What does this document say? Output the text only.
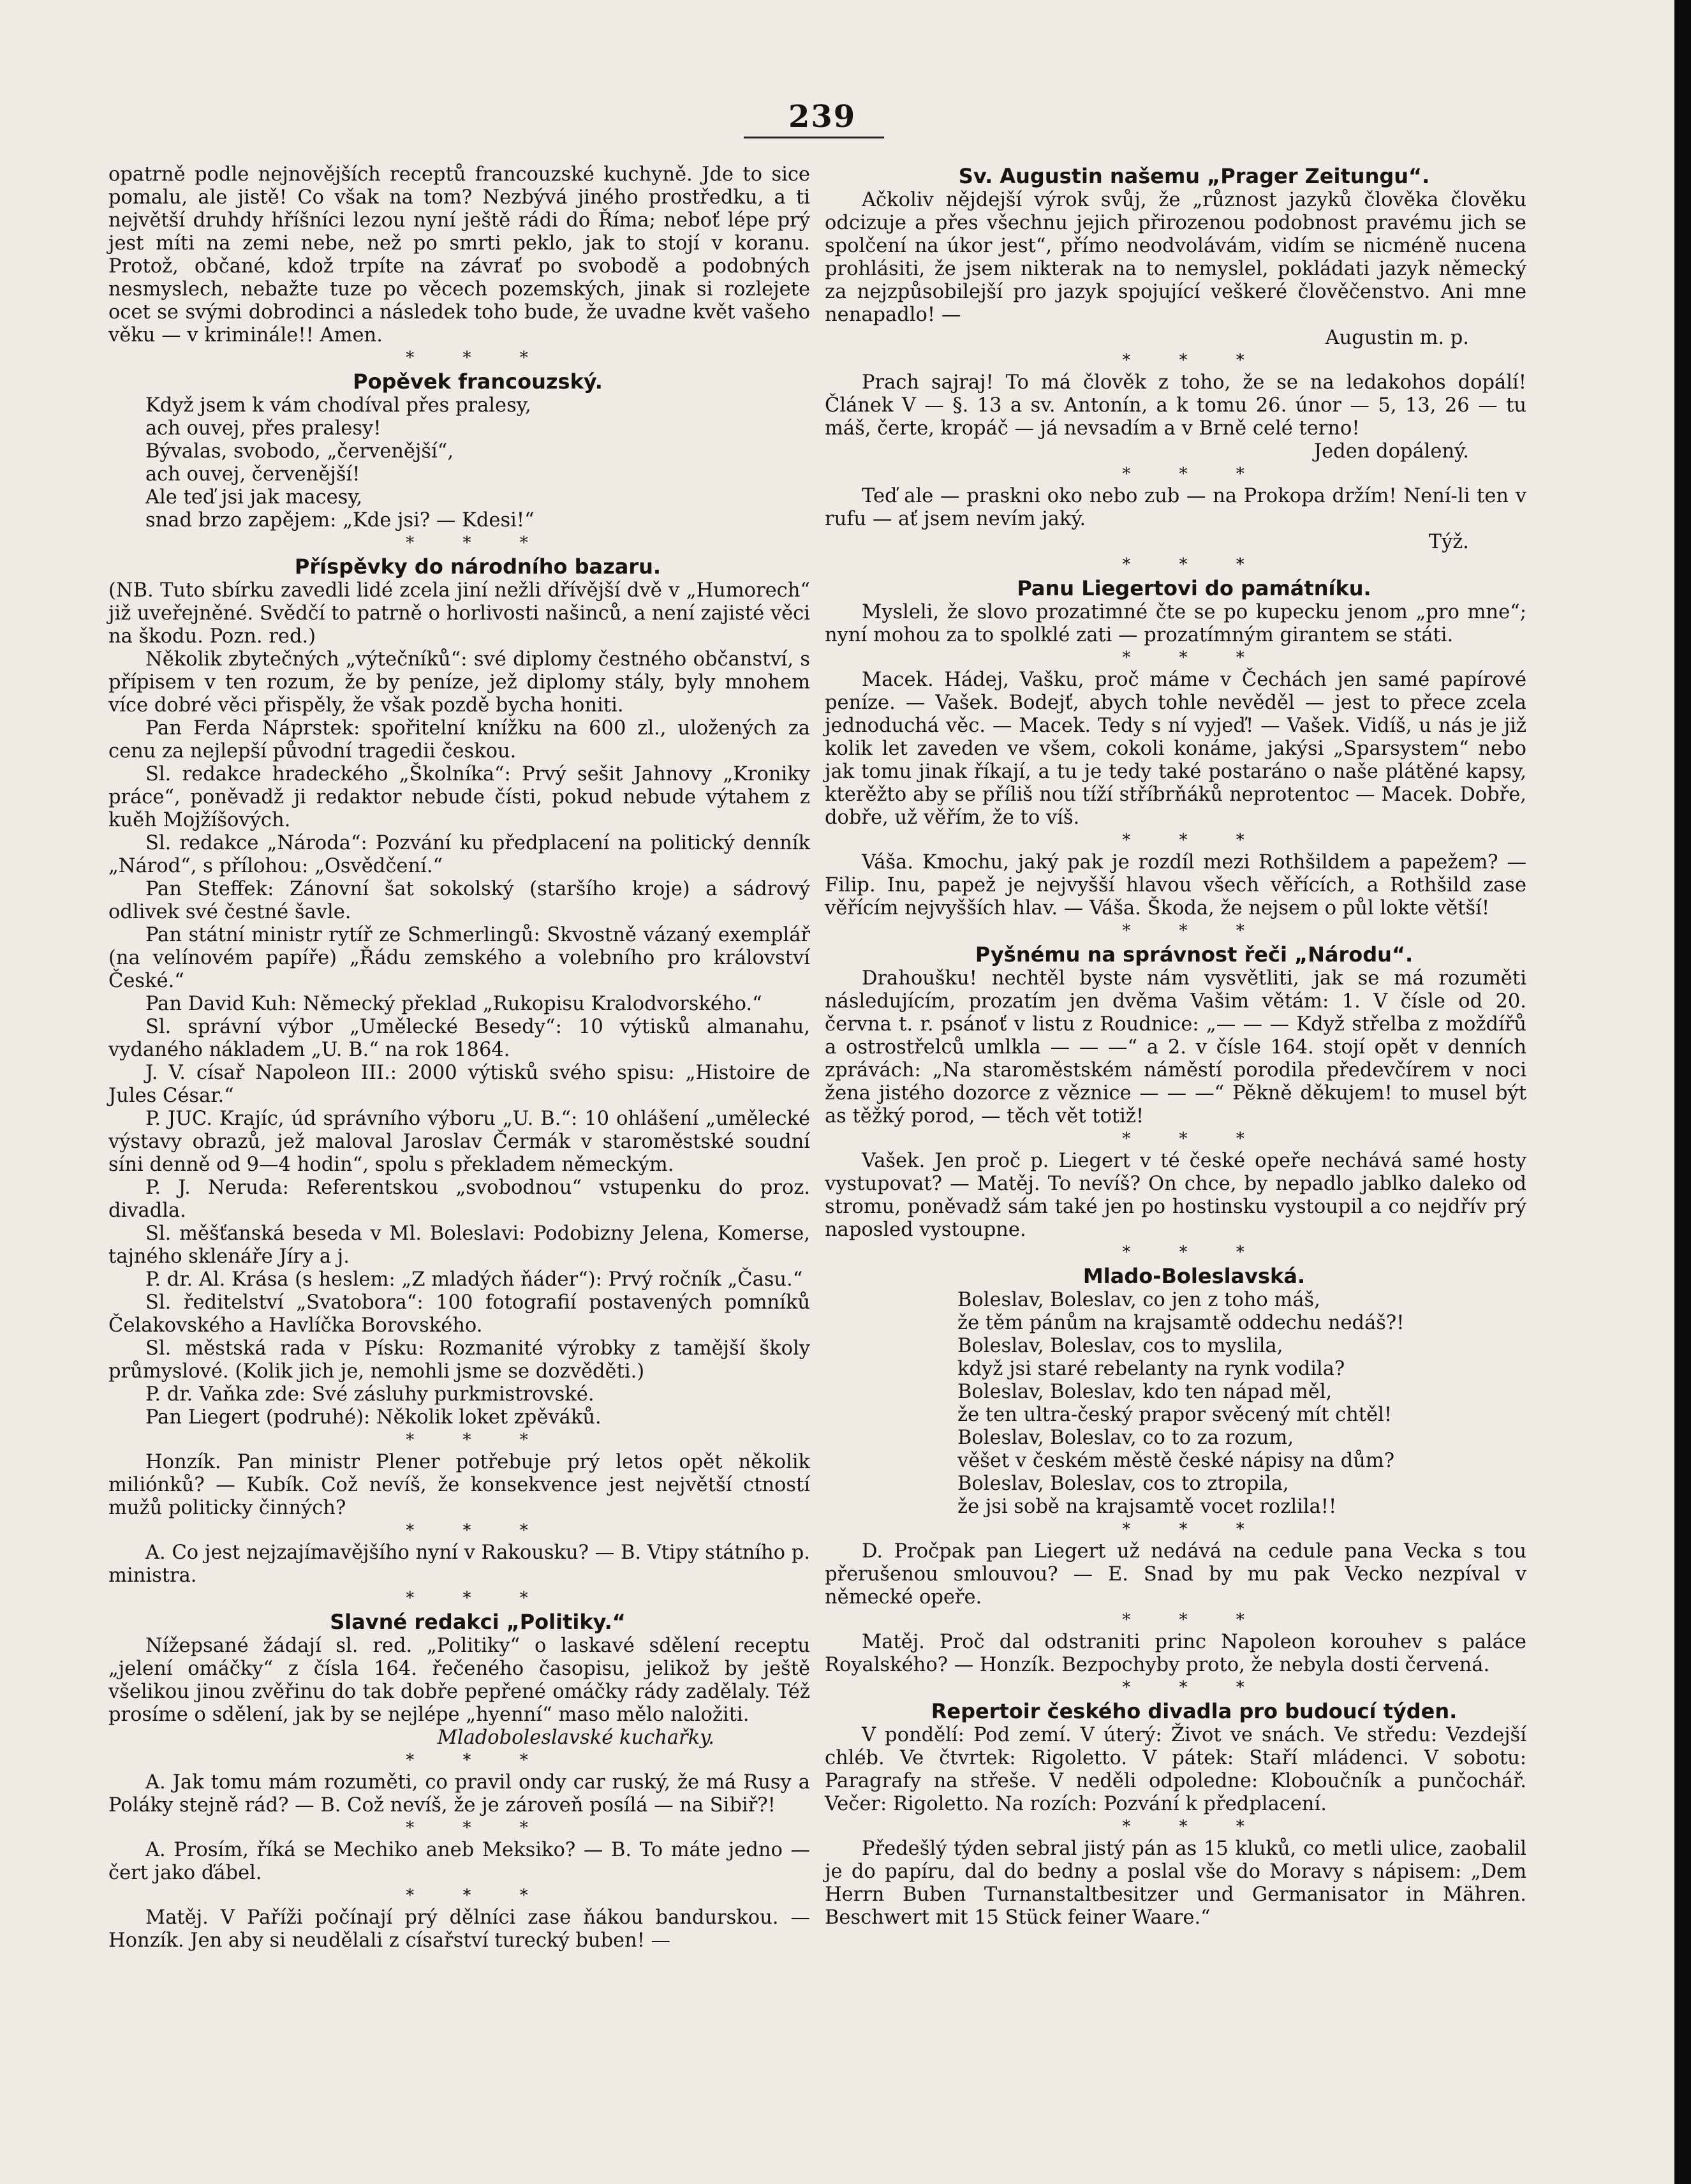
239

opatrně podle nejnovějších receptů francouzské kuchyně. Jde to sice pomalu, ale jistě! Co však na tom? Nezbývá jiného prostředku, a ti největší druhdy hříšníci lezou nyní ještě rádi do Říma; neboť lépe prý jest míti na zemi nebe, než po smrti peklo, jak to stojí v koranu. Protož, občané, kdož trpíte na závrať po svobodě a podobných nesmyslech, nebažte tuze po věcech pozemských, jinak si rozlejete ocet se svými dobrodinci a následek toho bude, že uvadne květ vašeho věku — v kriminále!! Amen.

* * *

Popěvek francouzský.

Když jsem k vám chodíval přes pralesy,

ach ouvej, přes pralesy!

Bývalas, svobodo, „červenější“,

ach ouvej, červenější!

Ale teď jsi jak macesy,

snad brzo zapějem: „Kde jsi? — Kdesi!“

* * *

Příspěvky do národního bazaru.

(NB. Tuto sbírku zavedli lidé zcela jiní nežli dřívější dvě v „Humorech“ již uveřejněné. Svědčí to patrně o horlivosti našinců, a není zajisté věci na škodu. Pozn. red.)

Několik zbytečných „výtečníků“: své diplomy čestného občanství, s přípisem v ten rozum, že by peníze, jež diplomy stály, byly mnohem více dobré věci přispěly, že však pozdě bycha honiti.

Pan Ferda Náprstek: spořitelní knížku na 600 zl., uložených za cenu za nejlepší původní tragedii českou.

Sl. redakce hradeckého „Školníka“: Prvý sešit Jahnovy „Kroniky práce“, poněvadž ji redaktor nebude čísti, pokud nebude výtahem z kuěh Mojžíšových.

Sl. redakce „Národa“: Pozvání ku předplacení na politický denník „Národ“, s přílohou: „Osvědčení.“

Pan Steffek: Zánovní šat sokolský (staršího kroje) a sádrový odlivek své čestné šavle.

Pan státní ministr rytíř ze Schmerlingů: Skvostně vázaný exemplář (na velínovém papíře) „Řádu zemského a volebního pro království České.“

Pan David Kuh: Německý překlad „Rukopisu Kralodvorského.“

Sl. správní výbor „Umělecké Besedy“: 10 výtisků almanahu, vydaného nákladem „U. B.“ na rok 1864.

J. V. císař Napoleon III.: 2000 výtisků svého spisu: „Histoire de Jules César.“

P. JUC. Krajíc, úd správního výboru „U. B.“: 10 ohlášení „umělecké výstavy obrazů, jež maloval Jaroslav Čermák v staroměstské soudní síni denně od 9—4 hodin“, spolu s překladem německým.

P. J. Neruda: Referentskou „svobodnou“ vstupenku do proz. divadla.

Sl. měšťanská beseda v Ml. Boleslavi: Podobizny Jelena, Komerse, tajného sklenáře Jíry a j.

P. dr. Al. Krása (s heslem: „Z mladých ňáder“): Prvý ročník „Času.“

Sl. ředitelství „Svatobora“: 100 fotografií postavených pomníků Čelakovského a Havlíčka Borovského.

Sl. městská rada v Písku: Rozmanité výrobky z tamější školy průmyslové. (Kolik jich je, nemohli jsme se dozvěděti.)

P. dr. Vaňka zde: Své zásluhy purkmistrovské.

Pan Liegert (podruhé): Několik loket zpěváků.

* * *

Honzík. Pan ministr Plener potřebuje prý letos opět několik miliónků? — Kubík. Což nevíš, že konsekvence jest největší ctností mužů politicky činných?

* * *

A. Co jest nejzajímavějšího nyní v Rakousku? — B. Vtipy státního p. ministra.

* * *

Slavné redakci „Politiky.“

Nížepsané žádají sl. red. „Politiky“ o laskavé sdělení receptu „jelení omáčky“ z čísla 164. řečeného časopisu, jelikož by ještě všelikou jinou zvěřinu do tak dobře pepřené omáčky rády zadělaly. Též prosíme o sdělení, jak by se nejlépe „hyenní“ maso mělo naložiti.

Mladoboleslavské kuchařky.

* * *

A. Jak tomu mám rozuměti, co pravil ondy car ruský, že má Rusy a Poláky stejně rád? — B. Což nevíš, že je zároveň posílá — na Sibiř?!

* * *

A. Prosím, říká se Mechiko aneb Meksiko? — B. To máte jedno — čert jako ďábel.

* * *

Matěj. V Paříži počínají prý dělníci zase ňákou bandurskou. — Honzík. Jen aby si neudělali z císařství turecký buben! —

Sv. Augustin našemu „Prager Zeitungu“.

Ačkoliv nějdejší výrok svůj, že „různost jazyků člověka člověku odcizuje a přes všechnu jejich přirozenou podobnost pravému jich se spolčení na úkor jest“, přímo neodvolávám, vidím se nicméně nucena prohlásiti, že jsem nikterak na to nemyslel, pokládati jazyk německý za nejzpůsobilejší pro jazyk spojující veškeré člověčenstvo. Ani mne nenapadlo! —

Augustin m. p.

* * *

Prach sajraj! To má člověk z toho, že se na ledakohos dopálí! Článek V — §. 13 a sv. Antonín, a k tomu 26. únor — 5, 13, 26 — tu máš, čerte, kropáč — já nevsadím a v Brně celé terno!

Jeden dopálený.

* * *

Teď ale — praskni oko nebo zub — na Prokopa držím! Není-li ten v rufu — ať jsem nevím jaký.

Týž.

* * *

Panu Liegertovi do památníku.

Mysleli, že slovo prozatimné čte se po kupecku jenom „pro mne“; nyní mohou za to spolklé zati — prozatímným girantem se státi.

* * *

Macek. Hádej, Vašku, proč máme v Čechách jen samé papírové peníze. — Vašek. Bodejť, abych tohle nevěděl — jest to přece zcela jednoduchá věc. — Macek. Tedy s ní vyjeď! — Vašek. Vidíš, u nás je již kolik let zaveden ve všem, cokoli konáme, jakýsi „Sparsystem“ nebo jak tomu jinak říkají, a tu je tedy také postaráno o naše plátěné kapsy, kterěžto aby se příliš nou tíží stříbrňáků neprotentoc — Macek. Dobře, dobře, už věřím, že to víš.

* * *

Váša. Kmochu, jaký pak je rozdíl mezi Rothšildem a papežem? — Filip. Inu, papež je nejvyšší hlavou všech věřících, a Rothšild zase věřícím nejvyšších hlav. — Váša. Škoda, že nejsem o půl lokte větší!

* * *

Pyšnému na správnost řeči „Národu“.

Drahoušku! nechtěl byste nám vysvětliti, jak se má rozuměti následujícím, prozatím jen dvěma Vašim větám: 1. V čísle od 20. června t. r. psánoť v listu z Roudnice: „— — — Když střelba z moždířů a ostrostřelců umlkla — — —“ a 2. v čísle 164. stojí opět v denních zprávách: „Na staroměstském náměstí porodila předevčírem v noci žena jistého dozorce z věznice — — —“ Pěkně děkujem! to musel být as těžký porod, — těch vět totiž!

* * *

Vašek. Jen proč p. Liegert v té české opeře nechává samé hosty vystupovat? — Matěj. To nevíš? On chce, by nepadlo jablko daleko od stromu, poněvadž sám také jen po hostinsku vystoupil a co nejdřív prý naposled vystoupne.

* * *

Mlado-Boleslavská.

Boleslav, Boleslav, co jen z toho máš,

že těm pánům na krajsamtě oddechu nedáš?!

Boleslav, Boleslav, cos to myslila,

když jsi staré rebelanty na rynk vodila?

Boleslav, Boleslav, kdo ten nápad měl,

že ten ultra-český prapor svěcený mít chtěl!

Boleslav, Boleslav, co to za rozum,

věšet v českém městě české nápisy na dům?

Boleslav, Boleslav, cos to ztropila,

že jsi sobě na krajsamtě vocet rozlila!!

* * *

D. Pročpak pan Liegert už nedává na cedule pana Vecka s tou přerušenou smlouvou? — E. Snad by mu pak Vecko nezpíval v německé opeře.

* * *

Matěj. Proč dal odstraniti princ Napoleon korouhev s paláce Royalského? — Honzík. Bezpochyby proto, že nebyla dosti červená.

* * *

Repertoir českého divadla pro budoucí týden.

V pondělí: Pod zemí. V úterý: Život ve snách. Ve středu: Vezdejší chléb. Ve čtvrtek: Rigoletto. V pátek: Staří mládenci. V sobotu: Paragrafy na střeše. V neděli odpoledne: Kloboučník a punčochář. Večer: Rigoletto. Na rozích: Pozvání k předplacení.

* * *

Předešlý týden sebral jistý pán as 15 kluků, co metli ulice, zaobalil je do papíru, dal do bedny a poslal vše do Moravy s nápisem: „Dem Herrn Buben Turnanstaltbesitzer und Germanisator in Mähren. Beschwert mit 15 Stück feiner Waare.“
